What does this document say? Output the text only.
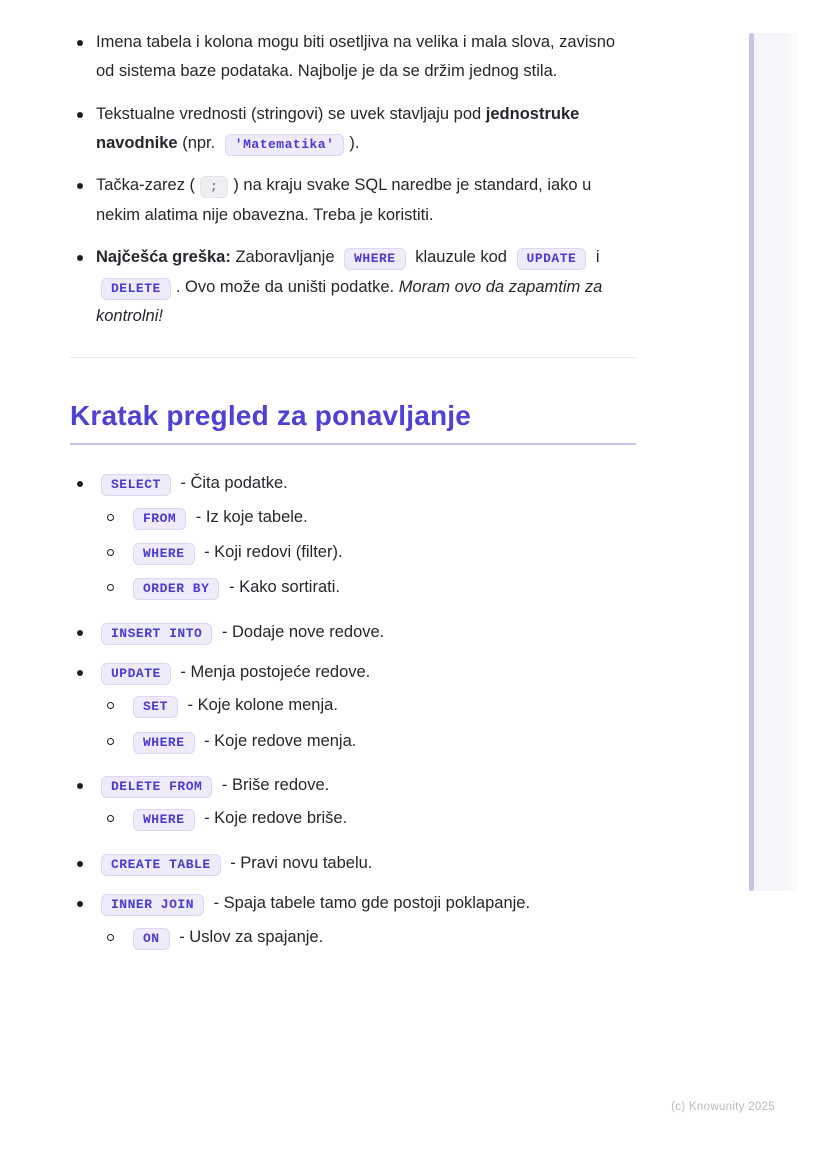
Imena tabela i kolona mogu biti osetljiva na velika i mala slova, zavisno od sistema baze podataka. Najbolje je da se držim jednog stila.
Tekstualne vrednosti (stringovi) se uvek stavljaju pod jednostruke navodnike (npr. 'Matematika' ).
Tačka-zarez ( ; ) na kraju svake SQL naredbe je standard, iako u nekim alatima nije obavezna. Treba je koristiti.
Najčešća greška: Zaboravljanje WHERE klauzule kod UPDATE i DELETE . Ovo može da uništi podatke. Moram ovo da zapamtim za kontrolni!
Kratak pregled za ponavljanje
SELECT - Čita podatke.
FROM - Iz koje tabele.
WHERE - Koji redovi (filter).
ORDER BY - Kako sortirati.
INSERT INTO - Dodaje nove redove.
UPDATE - Menja postojeće redove.
SET - Koje kolone menja.
WHERE - Koje redove menja.
DELETE FROM - Briše redove.
WHERE - Koje redove briše.
CREATE TABLE - Pravi novu tabelu.
INNER JOIN - Spaja tabele tamo gde postoji poklapanje.
ON - Uslov za spajanje.
(c) Knowunity 2025
